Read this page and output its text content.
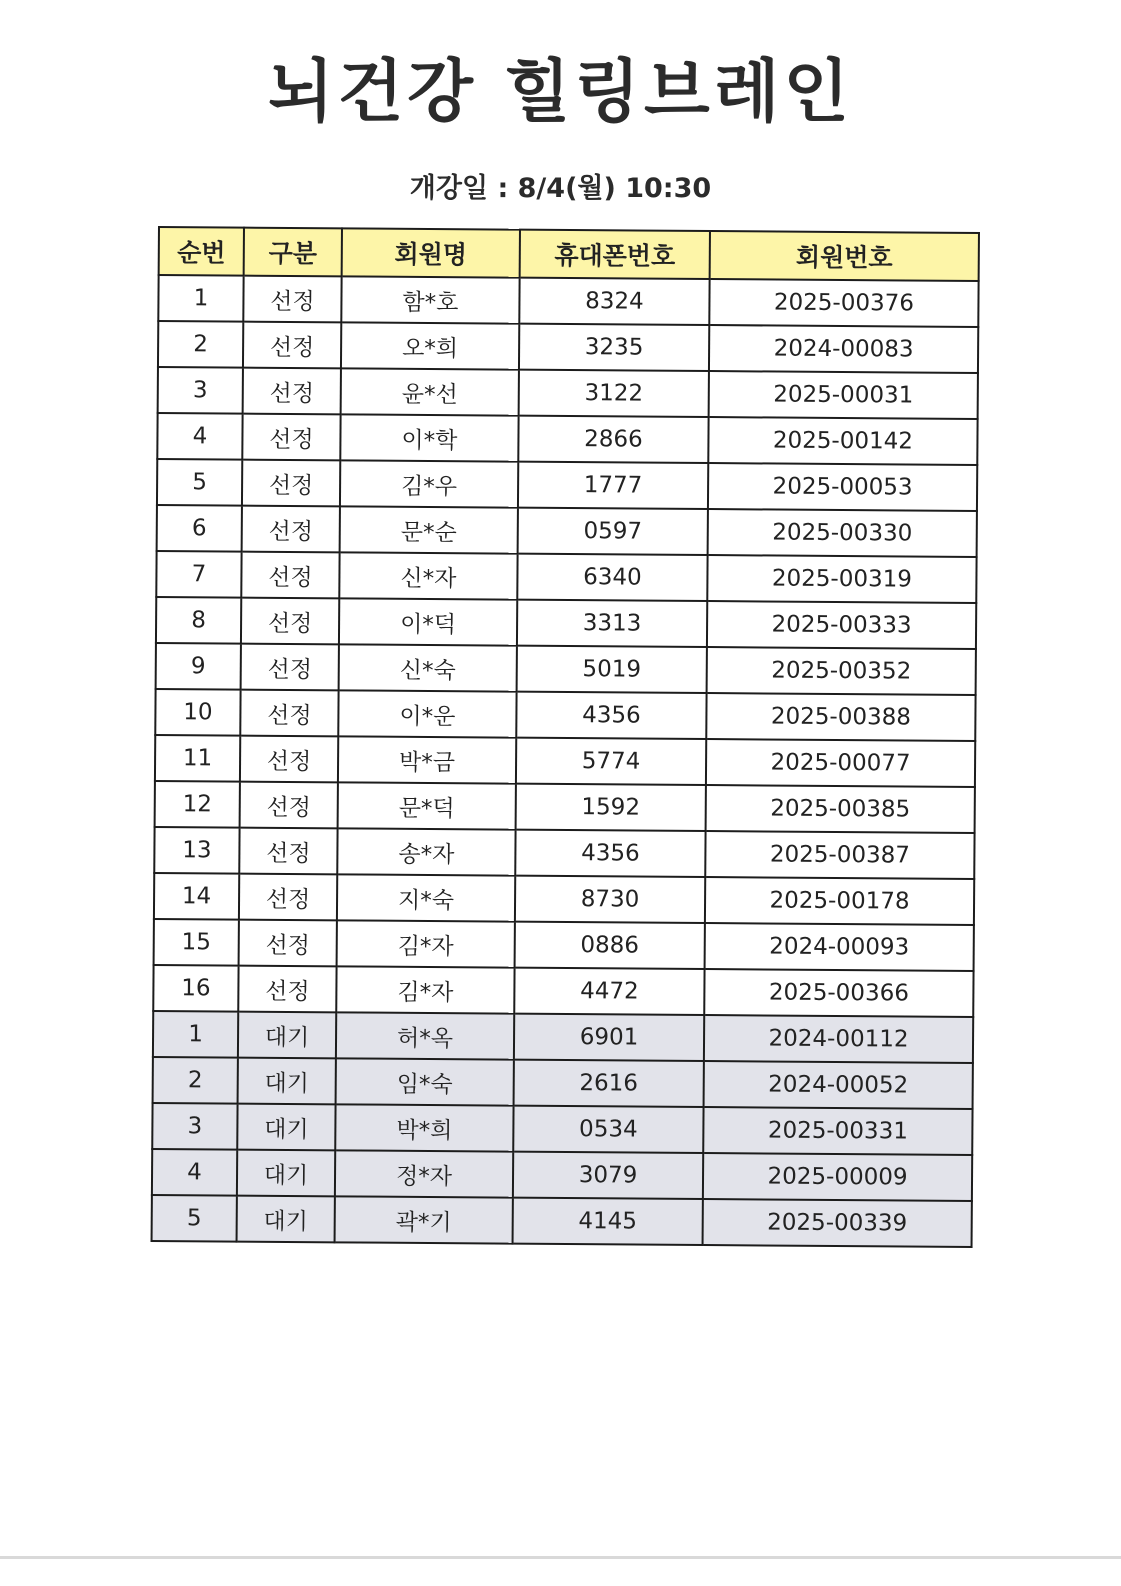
뇌건강 힐링브레인
개강일 : 8/4(월) 10:30
순번	구분	회원명	휴대폰번호	회원번호
1	선정	함*호	8324	2025-00376
2	선정	오*희	3235	2024-00083
3	선정	윤*선	3122	2025-00031
4	선정	이*학	2866	2025-00142
5	선정	김*우	1777	2025-00053
6	선정	문*순	0597	2025-00330
7	선정	신*자	6340	2025-00319
8	선정	이*덕	3313	2025-00333
9	선정	신*숙	5019	2025-00352
10	선정	이*운	4356	2025-00388
11	선정	박*금	5774	2025-00077
12	선정	문*덕	1592	2025-00385
13	선정	송*자	4356	2025-00387
14	선정	지*숙	8730	2025-00178
15	선정	김*자	0886	2024-00093
16	선정	김*자	4472	2025-00366
1	대기	허*옥	6901	2024-00112
2	대기	임*숙	2616	2024-00052
3	대기	박*희	0534	2025-00331
4	대기	정*자	3079	2025-00009
5	대기	곽*기	4145	2025-00339
